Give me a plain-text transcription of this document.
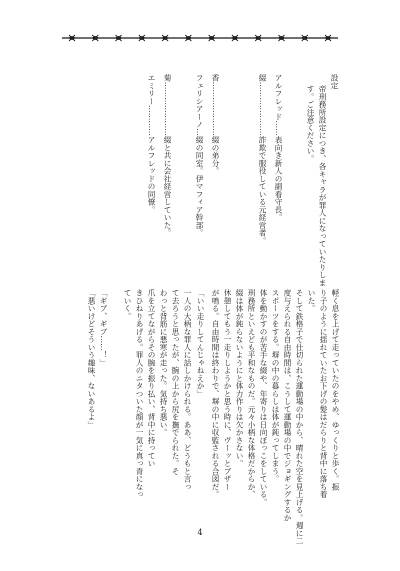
設定
帝刑務所設定につき、各キャラが罪人になっていたりしま
す。ご注意ください。
アルフレッド……表向き新人の副看守長。
綴…………………詐欺で服役している元経営者。
香…………………綴の弟分。
フェリシアーノ…綴の同室。伊マフィア幹部。
菊…………………綴と共に会社経営していた。
エミリー…………アルフレッドの同僚。
軽く息を上げて走っていたのをやめ、ゆっくりと歩く。振
り子のように揺れていたお下げの髪はだらりと背中に落ち着
いた。
そして鉄格子で仕切られた運動場の中から、晴れた空を見上げる。週に二
度与えられる自由時間は、こうして運動場の中でジョギングするか
スポーツをする。塀の中の暮らしは体が鈍ってしまう。
体を動かすのが苦手な綴や、年寄りは日向ぼっこをしている。
刑務所といえども平和なものだ。元々小柄な体格だからか、
綴は体が鈍らないようにと体力作りは欠かさない。
休憩してもう一走りしようかと思う時に、ヴーッとブザー
が鳴る。自由時間は終わりで、塀の中に収監される合図だ。
「いい走りしてんじゃねえか」
一人の大柄な罪人に話しかけられる。ああ、どうもと言っ
て去ろうと思ったが、腕の上から尻を撫でられた。そ
わっと背筋に悪寒が走った。気持ち悪い。
爪を立てながらその腕を振り払い、背中に持ってい
きひねりあげる。罪人のニタついた顔が一気に真っ青になっ
ていく。
「ギブ、ギブ……！」
「悪いけどそういう趣味、ないあるよ」
4
